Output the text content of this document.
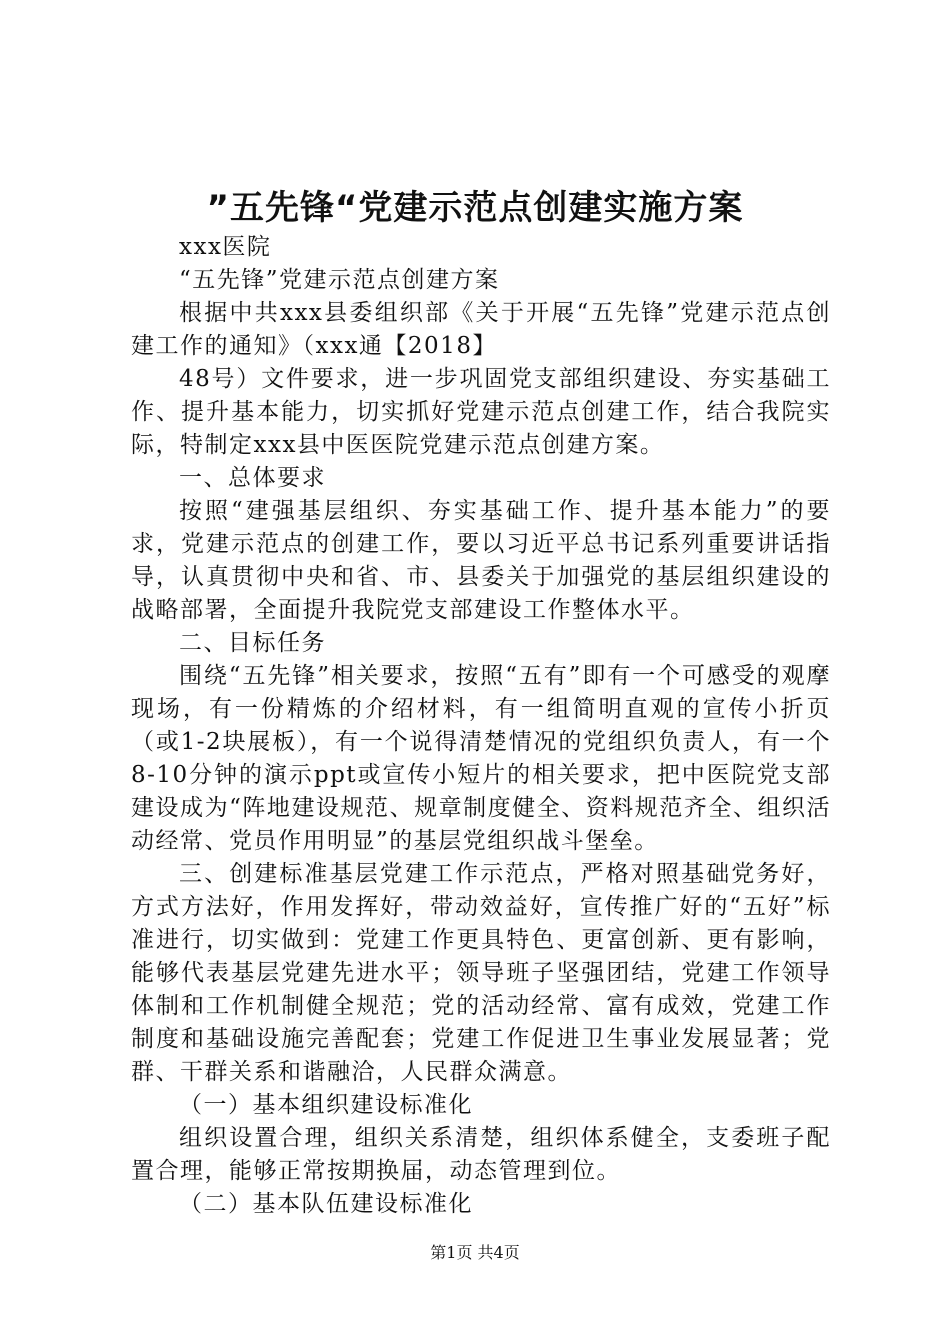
”五先锋“党建示范点创建实施方案

xxx医院

“五先锋”党建示范点创建方案

根据中共xxx县委组织部《关于开展“五先锋”党建示范点创建工作的通知》（xxx通【2018】

48号）文件要求，进一步巩固党支部组织建设、夯实基础工作、提升基本能力，切实抓好党建示范点创建工作，结合我院实际，特制定xxx县中医医院党建示范点创建方案。

一、总体要求

按照“建强基层组织、夯实基础工作、提升基本能力”的要求，党建示范点的创建工作，要以习近平总书记系列重要讲话指导，认真贯彻中央和省、市、县委关于加强党的基层组织建设的战略部署，全面提升我院党支部建设工作整体水平。

二、目标任务

围绕“五先锋”相关要求，按照“五有”即有一个可感受的观摩现场，有一份精炼的介绍材料，有一组简明直观的宣传小折页（或1-2块展板），有一个说得清楚情况的党组织负责人，有一个8-10分钟的演示ppt或宣传小短片的相关要求，把中医院党支部建设成为“阵地建设规范、规章制度健全、资料规范齐全、组织活动经常、党员作用明显”的基层党组织战斗堡垒。

三、创建标准基层党建工作示范点，严格对照基础党务好，方式方法好，作用发挥好，带动效益好，宣传推广好的“五好”标准进行，切实做到：党建工作更具特色、更富创新、更有影响，能够代表基层党建先进水平；领导班子坚强团结，党建工作领导体制和工作机制健全规范；党的活动经常、富有成效，党建工作制度和基础设施完善配套；党建工作促进卫生事业发展显著；党群、干群关系和谐融洽，人民群众满意。

（一）基本组织建设标准化

组织设置合理，组织关系清楚，组织体系健全，支委班子配置合理，能够正常按期换届，动态管理到位。

（二）基本队伍建设标准化

第1页 共4页
